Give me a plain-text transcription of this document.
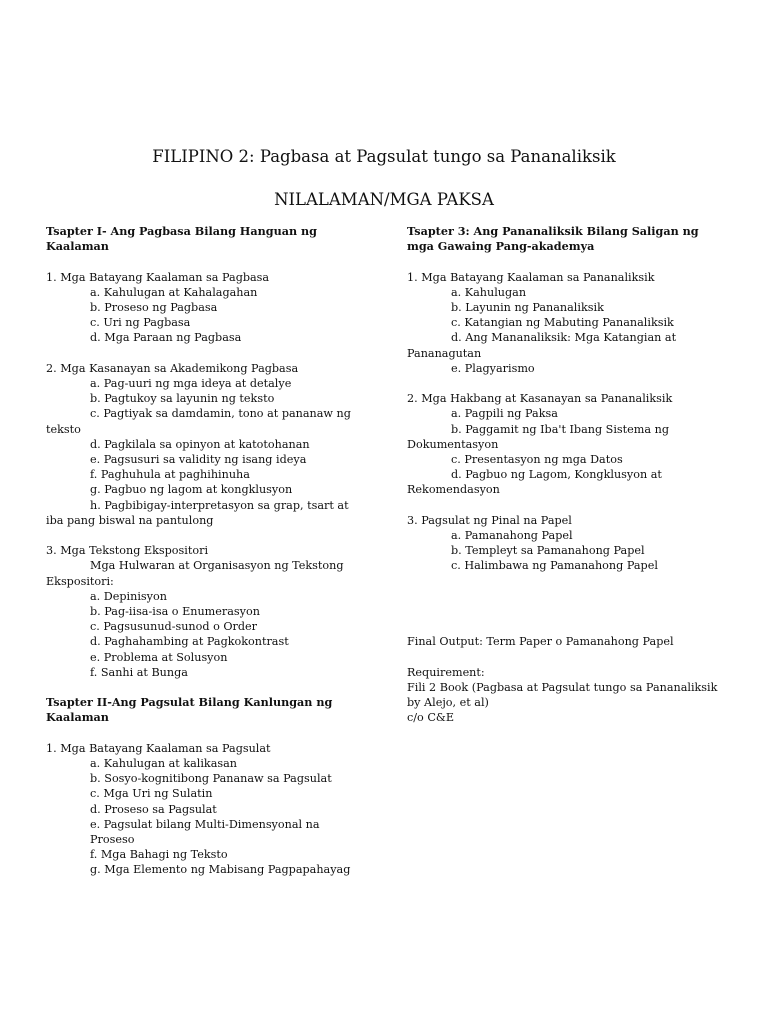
FILIPINO 2: Pagbasa at Pagsulat tungo sa Pananaliksik
NILALAMAN/MGA PAKSA

Tsapter I- Ang Pagbasa Bilang Hanguan ng Kaalaman

1. Mga Batayang Kaalaman sa Pagbasa

a. Kahulugan at Kahalagahan

b. Proseso ng Pagbasa

c. Uri ng Pagbasa

d. Mga Paraan ng Pagbasa

2. Mga Kasanayan sa Akademikong Pagbasa

a. Pag-uuri ng mga ideya at detalye

b. Pagtukoy sa layunin ng teksto

c. Pagtiyak sa damdamin, tono at pananaw ng teksto

d. Pagkilala sa opinyon at katotohanan

e. Pagsusuri sa validity ng isang ideya

f. Paghuhula at paghihinuha

g. Pagbuo ng lagom at kongklusyon

h. Pagbibigay-interpretasyon sa grap, tsart at iba pang biswal na pantulong

3. Mga Tekstong Ekspositori

Mga Hulwaran at Organisasyon ng Tekstong Ekspositori:

a. Depinisyon

b. Pag-iisa-isa o Enumerasyon

c. Pagsusunud-sunod o Order

d. Paghahambing at Pagkokontrast

e. Problema at Solusyon

f. Sanhi at Bunga

Tsapter II-Ang Pagsulat Bilang Kanlungan ng Kaalaman

1. Mga Batayang Kaalaman sa Pagsulat

a. Kahulugan at kalikasan

b. Sosyo-kognitibong Pananaw sa Pagsulat

c. Mga Uri ng Sulatin

d. Proseso sa Pagsulat

e. Pagsulat bilang Multi-Dimensyonal na Proseso

f. Mga Bahagi ng Teksto

g. Mga Elemento ng Mabisang Pagpapahayag

Tsapter 3: Ang Pananaliksik Bilang Saligan ng mga Gawaing Pang-akademya

1. Mga Batayang Kaalaman sa Pananaliksik

a. Kahulugan

b. Layunin ng Pananaliksik

c. Katangian ng Mabuting Pananaliksik

d. Ang Mananaliksik: Mga Katangian at Pananagutan

e. Plagyarismo

2. Mga Hakbang at Kasanayan sa Pananaliksik

a. Pagpili ng Paksa

b. Paggamit ng Iba't Ibang Sistema ng Dokumentasyon

c. Presentasyon ng mga Datos

d. Pagbuo ng Lagom, Kongklusyon at Rekomendasyon

3. Pagsulat ng Pinal na Papel

a. Pamanahong Papel

b. Templeyt sa Pamanahong Papel

c. Halimbawa ng Pamanahong Papel

Final Output: Term Paper o Pamanahong Papel

Requirement:

Fili 2 Book (Pagbasa at Pagsulat tungo sa Pananaliksik by Alejo, et al)

c/o C&E
